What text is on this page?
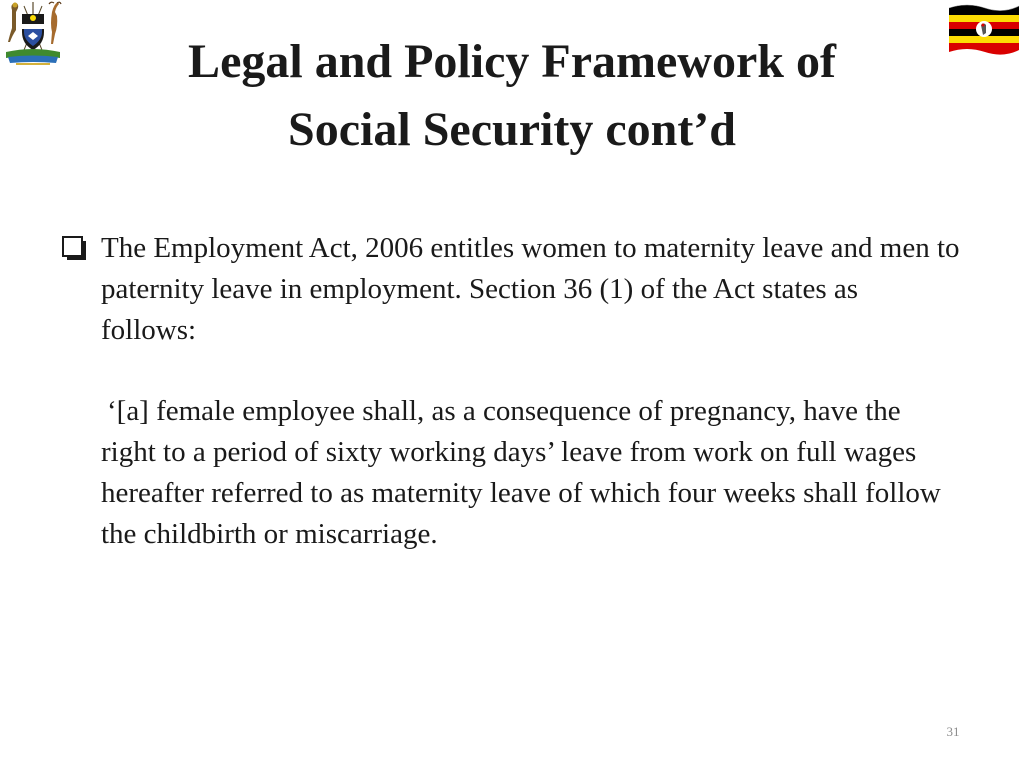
Legal and Policy Framework of
Social Security cont’d
The Employment Act, 2006 entitles women to maternity leave and men to paternity leave in employment. Section 36 (1) of the Act states as follows:
‘[a] female employee shall, as a consequence of pregnancy, have the right to a period of sixty working days’ leave from work on full wages hereafter referred to as maternity leave of which four weeks shall follow the childbirth or miscarriage.
31
